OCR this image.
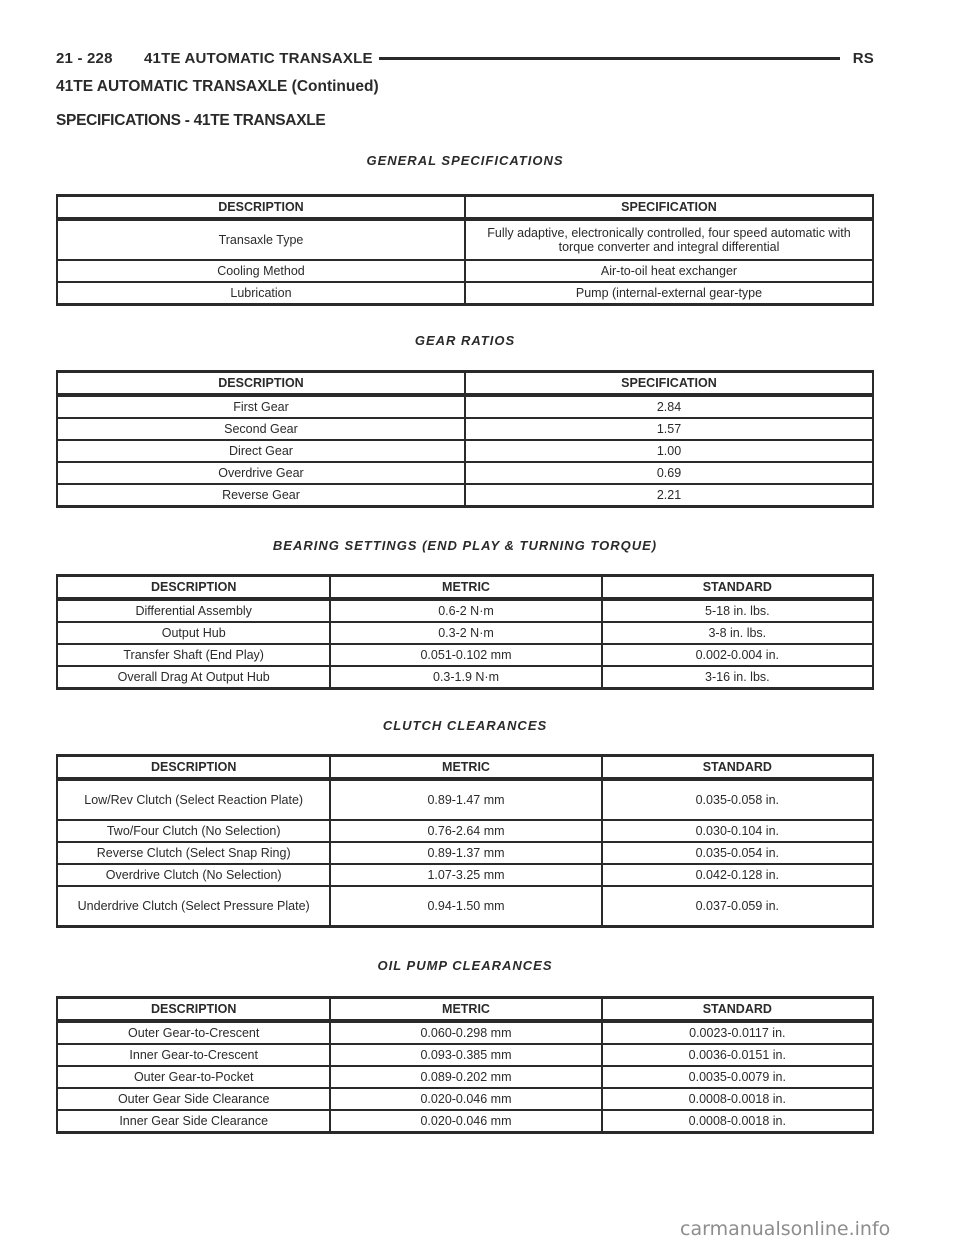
21 - 228	41TE AUTOMATIC TRANSAXLE	RS
41TE AUTOMATIC TRANSAXLE (Continued)
SPECIFICATIONS - 41TE TRANSAXLE
GENERAL SPECIFICATIONS
DESCRIPTION	SPECIFICATION
Transaxle Type	Fully adaptive, electronically controlled, four speed automatic with torque converter and integral differential
Cooling Method	Air-to-oil heat exchanger
Lubrication	Pump (internal-external gear-type
GEAR RATIOS
DESCRIPTION	SPECIFICATION
First Gear	2.84
Second Gear	1.57
Direct Gear	1.00
Overdrive Gear	0.69
Reverse Gear	2.21
BEARING SETTINGS (END PLAY & TURNING TORQUE)
DESCRIPTION	METRIC	STANDARD
Differential Assembly	0.6-2 N·m	5-18 in. lbs.
Output Hub	0.3-2 N·m	3-8 in. lbs.
Transfer Shaft (End Play)	0.051-0.102 mm	0.002-0.004 in.
Overall Drag At Output Hub	0.3-1.9 N·m	3-16 in. lbs.
CLUTCH CLEARANCES
DESCRIPTION	METRIC	STANDARD
Low/Rev Clutch (Select Reaction Plate)	0.89-1.47 mm	0.035-0.058 in.
Two/Four Clutch (No Selection)	0.76-2.64 mm	0.030-0.104 in.
Reverse Clutch (Select Snap Ring)	0.89-1.37 mm	0.035-0.054 in.
Overdrive Clutch (No Selection)	1.07-3.25 mm	0.042-0.128 in.
Underdrive Clutch (Select Pressure Plate)	0.94-1.50 mm	0.037-0.059 in.
OIL PUMP CLEARANCES
DESCRIPTION	METRIC	STANDARD
Outer Gear-to-Crescent	0.060-0.298 mm	0.0023-0.0117 in.
Inner Gear-to-Crescent	0.093-0.385 mm	0.0036-0.0151 in.
Outer Gear-to-Pocket	0.089-0.202 mm	0.0035-0.0079 in.
Outer Gear Side Clearance	0.020-0.046 mm	0.0008-0.0018 in.
Inner Gear Side Clearance	0.020-0.046 mm	0.0008-0.0018 in.
carmanualsonline.info
